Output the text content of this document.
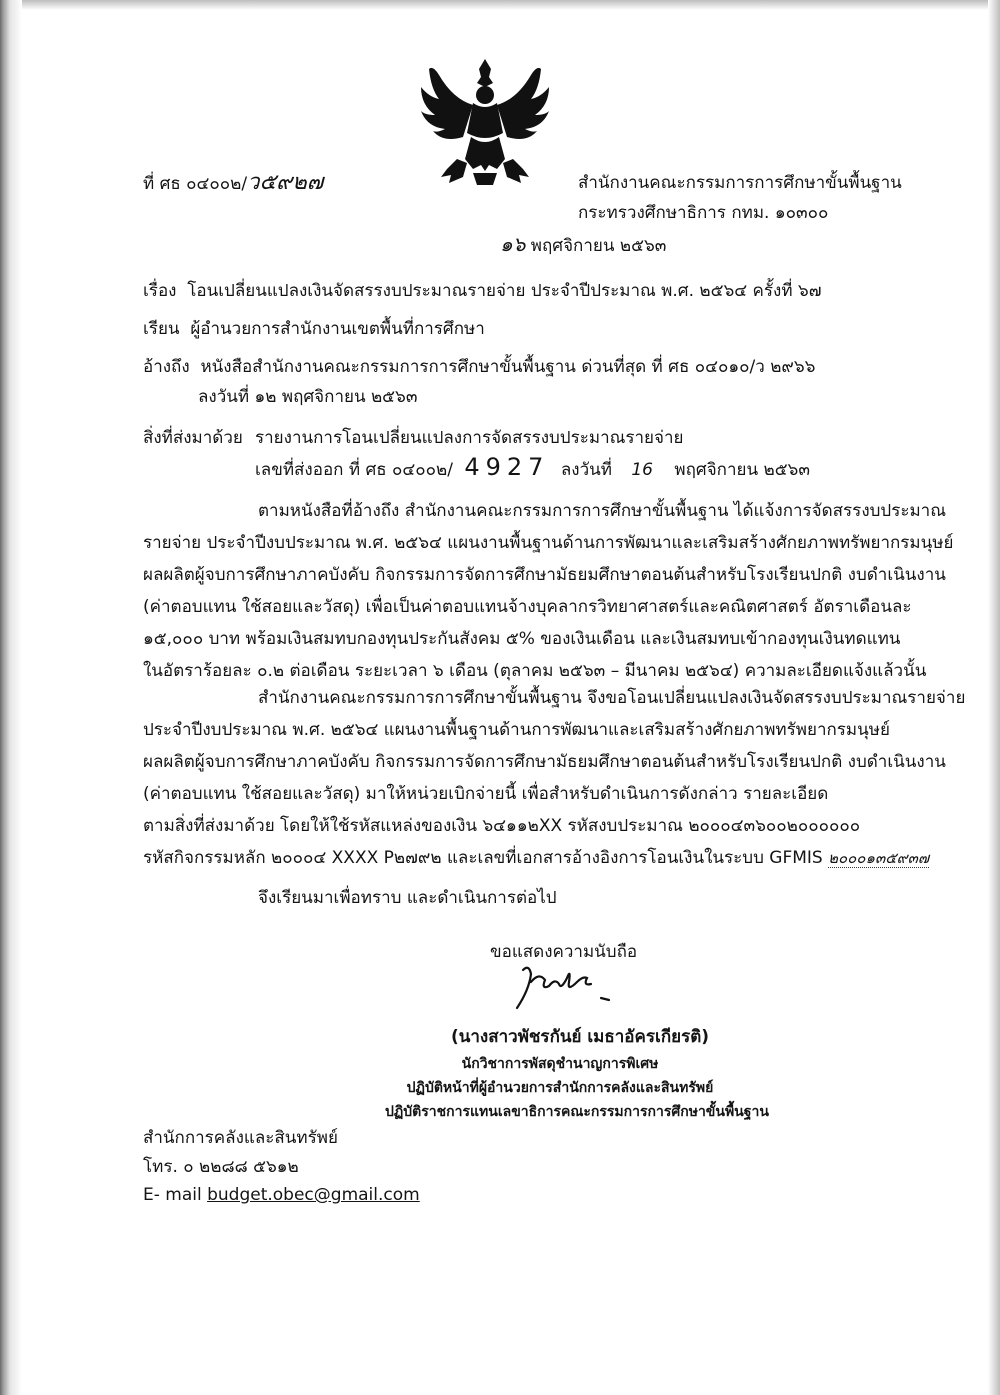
ที่ ศธ ๐๔๐๐๒/ว๕๙๒๗	สำนักงานคณะกรรมการการศึกษาขั้นพื้นฐาน
กระทรวงศึกษาธิการ กทม. ๑๐๓๐๐
๑๖ พฤศจิกายน ๒๕๖๓
เรื่อง โอนเปลี่ยนแปลงเงินจัดสรรงบประมาณรายจ่าย ประจำปีประมาณ พ.ศ. ๒๕๖๔ ครั้งที่ ๖๗
เรียน ผู้อำนวยการสำนักงานเขตพื้นที่การศึกษา
อ้างถึง หนังสือสำนักงานคณะกรรมการการศึกษาขั้นพื้นฐาน ด่วนที่สุด ที่ ศธ ๐๔๐๑๐/ว ๒๙๖๖
ลงวันที่ ๑๒ พฤศจิกายน ๒๕๖๓
สิ่งที่ส่งมาด้วย รายงานการโอนเปลี่ยนแปลงการจัดสรรงบประมาณรายจ่าย
เลขที่ส่งออก ที่ ศธ ๐๔๐๐๒/ 4927 ลงวันที่ 16 พฤศจิกายน ๒๕๖๓
ตามหนังสือที่อ้างถึง สำนักงานคณะกรรมการการศึกษาขั้นพื้นฐาน ได้แจ้งการจัดสรรงบประมาณ
รายจ่าย ประจำปีงบประมาณ พ.ศ. ๒๕๖๔ แผนงานพื้นฐานด้านการพัฒนาและเสริมสร้างศักยภาพทรัพยากรมนุษย์
ผลผลิตผู้จบการศึกษาภาคบังคับ กิจกรรมการจัดการศึกษามัธยมศึกษาตอนต้นสำหรับโรงเรียนปกติ งบดำเนินงาน
(ค่าตอบแทน ใช้สอยและวัสดุ) เพื่อเป็นค่าตอบแทนจ้างบุคลากรวิทยาศาสตร์และคณิตศาสตร์ อัตราเดือนละ
๑๕,๐๐๐ บาท พร้อมเงินสมทบกองทุนประกันสังคม ๕% ของเงินเดือน และเงินสมทบเข้ากองทุนเงินทดแทน
ในอัตราร้อยละ ๐.๒ ต่อเดือน ระยะเวลา ๖ เดือน (ตุลาคม ๒๕๖๓ – มีนาคม ๒๕๖๔) ความละเอียดแจ้งแล้วนั้น
สำนักงานคณะกรรมการการศึกษาขั้นพื้นฐาน จึงขอโอนเปลี่ยนแปลงเงินจัดสรรงบประมาณรายจ่าย
ประจำปีงบประมาณ พ.ศ. ๒๕๖๔ แผนงานพื้นฐานด้านการพัฒนาและเสริมสร้างศักยภาพทรัพยากรมนุษย์
ผลผลิตผู้จบการศึกษาภาคบังคับ กิจกรรมการจัดการศึกษามัธยมศึกษาตอนต้นสำหรับโรงเรียนปกติ งบดำเนินงาน
(ค่าตอบแทน ใช้สอยและวัสดุ) มาให้หน่วยเบิกจ่ายนี้ เพื่อสำหรับดำเนินการดังกล่าว รายละเอียด
ตามสิ่งที่ส่งมาด้วย โดยให้ใช้รหัสแหล่งของเงิน ๖๔๑๑๒XX รหัสงบประมาณ ๒๐๐๐๔๓๖๐๐๒๐๐๐๐๐๐
รหัสกิจกรรมหลัก ๒๐๐๐๔ XXXX P๒๗๙๒ และเลขที่เอกสารอ้างอิงการโอนเงินในระบบ GFMIS ๒๐๐๐๑๓๕๙๓๗
จึงเรียนมาเพื่อทราบ และดำเนินการต่อไป
ขอแสดงความนับถือ
(นางสาวพัชรกันย์ เมธาอัครเกียรติ)
นักวิชาการพัสดุชำนาญการพิเศษ
ปฏิบัติหน้าที่ผู้อำนวยการสำนักการคลังและสินทรัพย์
ปฏิบัติราชการแทนเลขาธิการคณะกรรมการการศึกษาขั้นพื้นฐาน
สำนักการคลังและสินทรัพย์
โทร. ๐ ๒๒๘๘ ๕๖๑๒
E- mail budget.obec@gmail.com
